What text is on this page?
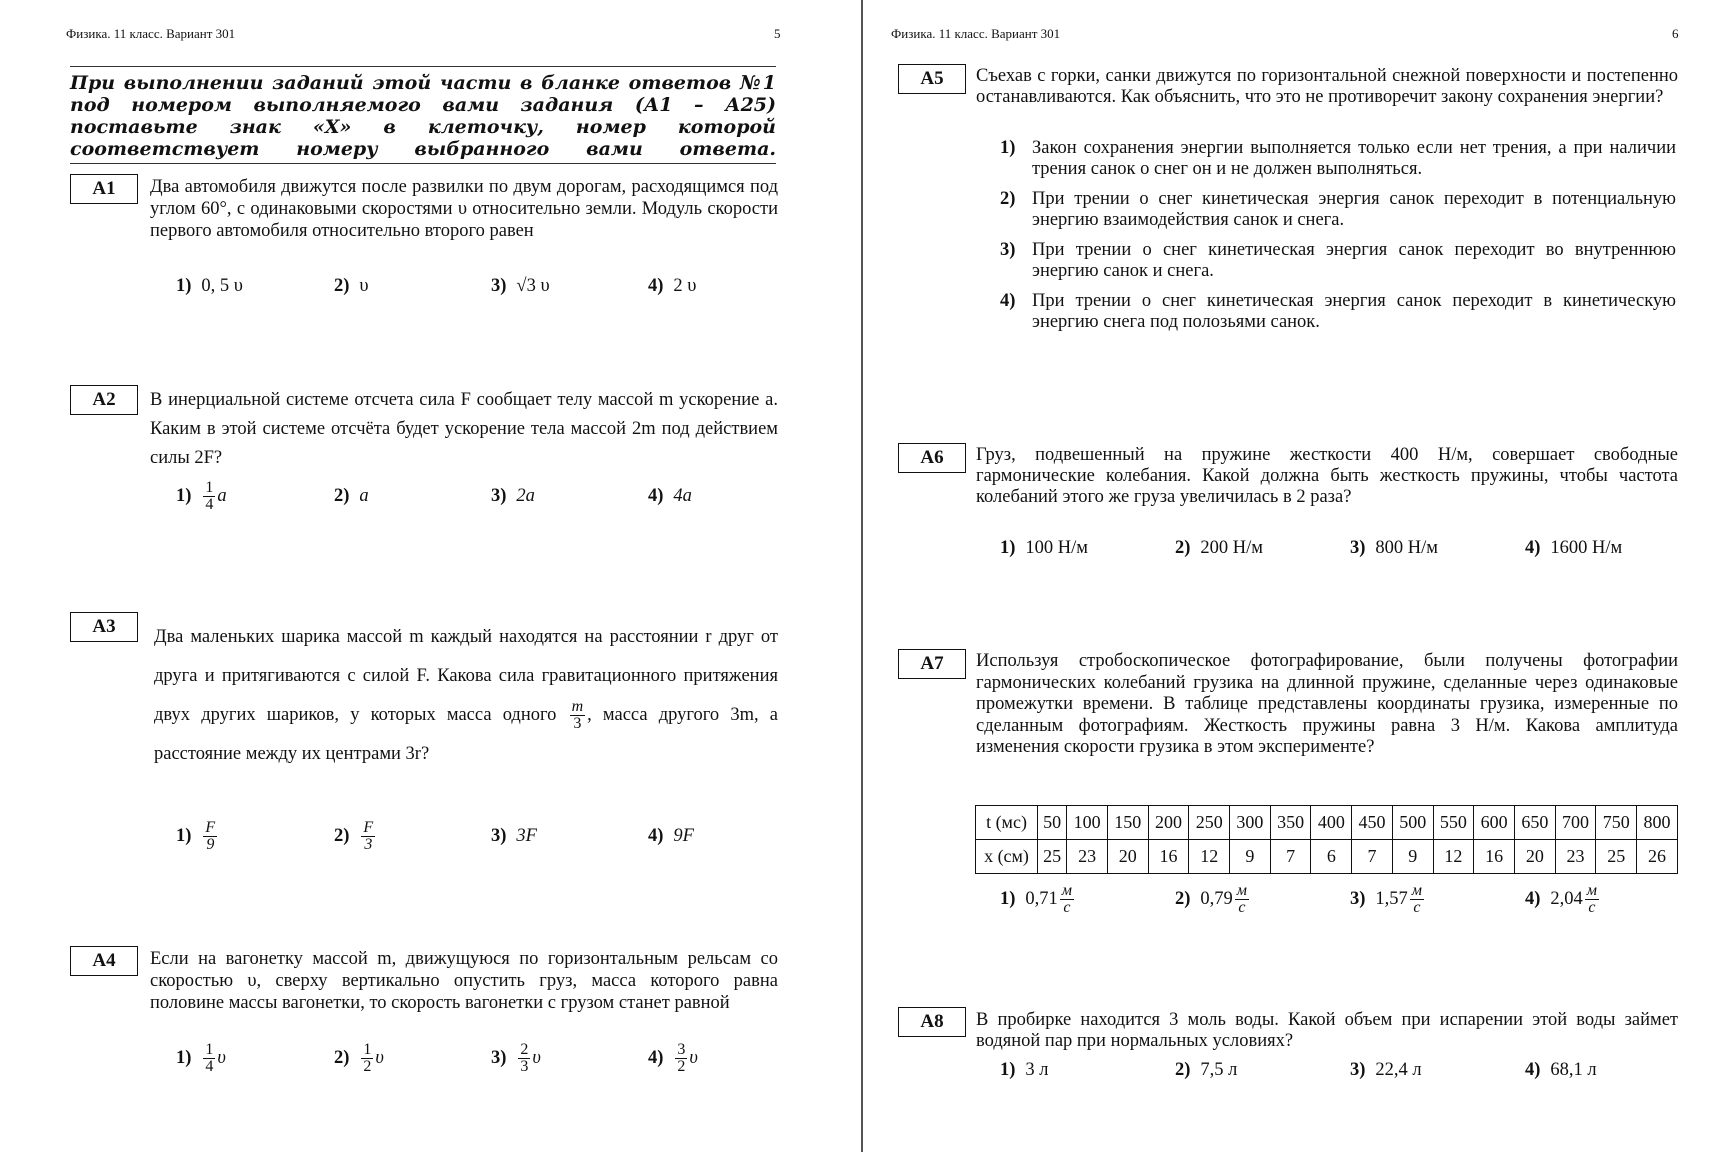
Физика. 11 класс. Вариант 301	5
При выполнении заданий этой части в бланке ответов №1 под номером выполняемого вами задания (А1 – А25) поставьте знак «Х» в клеточку, номер которой соответствует номеру выбранного вами ответа.
А1	Два автомобиля движутся после развилки по двум дорогам, расходящимся под углом 60°, с одинаковыми скоростями υ относительно земли. Модуль скорости первого автомобиля относительно второго равен
1) 0, 5 υ	2) υ	3) √3 υ	4) 2 υ
А2	В инерциальной системе отсчета сила F сообщает телу массой m ускорение a. Каким в этой системе отсчёта будет ускорение тела массой 2m под действием силы 2F?
$1) \frac{1}{4}$ a	2) a	3) 2a	4) 4a
А3	Два маленьких шарика массой m каждый находятся на расстоянии r друг от друга и притягиваются с силой F. Какова сила гравитационного притяжения двух других шариков, у которых масса одного $\frac{m}{3}$ , масса другого 3m, а расстояние между их центрами 3r?
$1) \frac{F}{9}$	$2) \frac{F}{3}$	3) 3F	4) 9F
А4	Если на вагонетку массой m, движущуюся по горизонтальным рельсам со скоростью υ, сверху вертикально опустить груз, масса которого равна половине массы вагонетки, то скорость вагонетки с грузом станет равной
$1) \frac{1}{4}$ υ	$2) \frac{1}{2}$ υ	$3) \frac{2}{3}$ υ	$4) \frac{3}{2}$ υ
Физика. 11 класс. Вариант 301	6
А5	Съехав с горки, санки движутся по горизонтальной снежной поверхности и постепенно останавливаются. Как объяснить, что это не противоречит закону сохранения энергии?
1) Закон сохранения энергии выполняется только если нет трения, а при наличии трения санок о снег он и не должен выполняться.
2) При трении о снег кинетическая энергия санок переходит в потенциальную энергию взаимодействия санок и снега.
3) При трении о снег кинетическая энергия санок переходит во внутреннюю энергию санок и снега.
4) При трении о снег кинетическая энергия санок переходит в кинетическую энергию снега под полозьями санок.
А6	Груз, подвешенный на пружине жесткости 400 Н/м, совершает свободные гармонические колебания. Какой должна быть жесткость пружины, чтобы частота колебаний этого же груза увеличилась в 2 раза?
1) 100 Н/м	2) 200 Н/м	3) 800 Н/м	4) 1600 Н/м
А7	Используя стробоскопическое фотографирование, были получены фотографии гармонических колебаний грузика на длинной пружине, сделанные через одинаковые промежутки времени. В таблице представлены координаты грузика, измеренные по сделанным фотографиям. Жесткость пружины равна 3 Н/м. Какова амплитуда изменения скорости грузика в этом эксперименте?
t (мс)	50	100	150	200	250	300	350	400	450	500	550	600	650	700	750	800
x (см)	25	23	20	16	12	9	7	6	7	9	12	16	20	23	25	26
1) $0,71 \frac{м}{с}$	2) $0,79 \frac{м}{с}$	3) $1,57 \frac{м}{с}$	4) $2,04 \frac{м}{с}$
А8	В пробирке находится 3 моль воды. Какой объем при испарении этой воды займет водяной пар при нормальных условиях?
1) 3 л	2) 7,5 л	3) 22,4 л	4) 68,1 л
